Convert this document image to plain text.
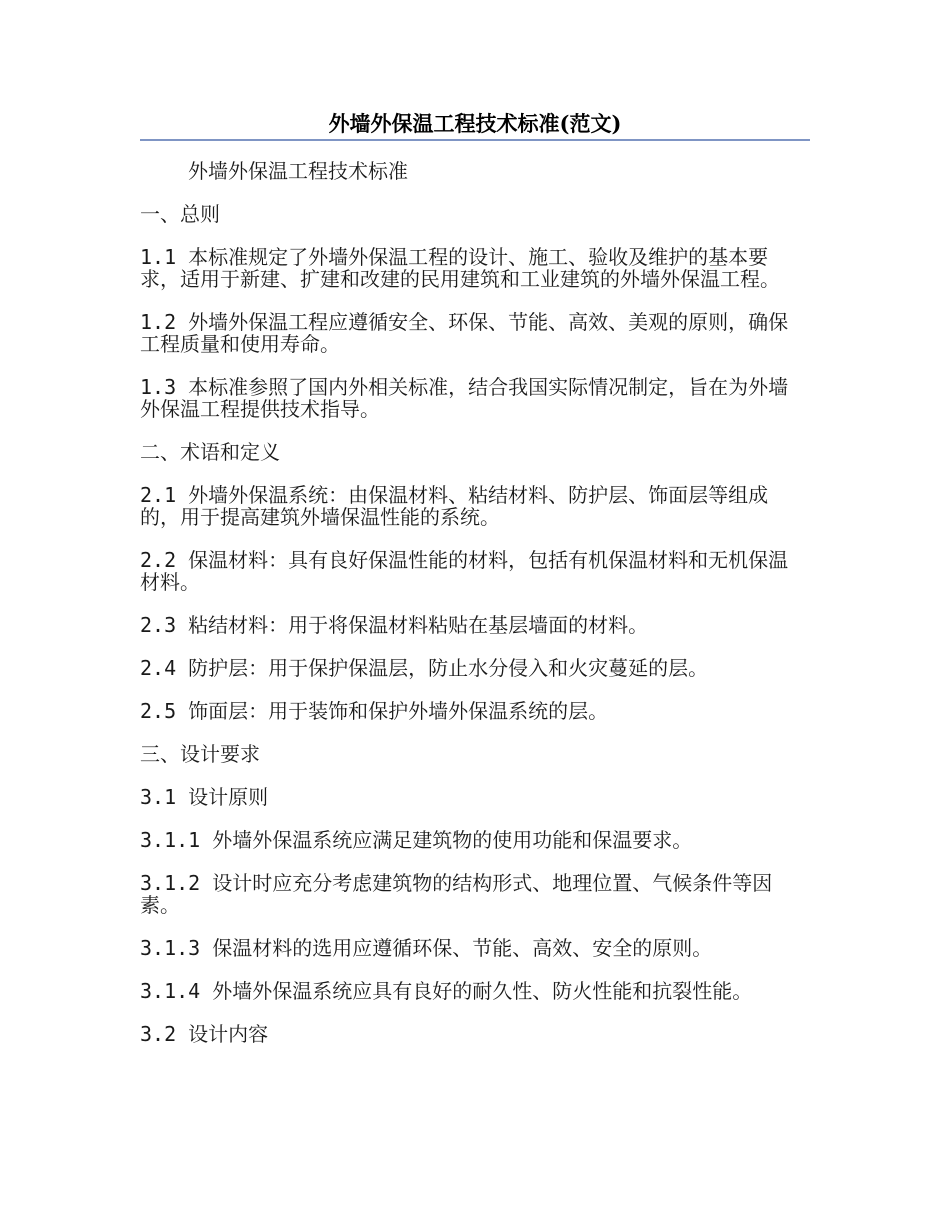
外墙外保温工程技术标准(范文)

外墙外保温工程技术标准

一、总则

1.1 本标准规定了外墙外保温工程的设计、施工、验收及维护的基本要求，适用于新建、扩建和改建的民用建筑和工业建筑的外墙外保温工程。

1.2 外墙外保温工程应遵循安全、环保、节能、高效、美观的原则，确保工程质量和使用寿命。

1.3 本标准参照了国内外相关标准，结合我国实际情况制定，旨在为外墙外保温工程提供技术指导。

二、术语和定义

2.1 外墙外保温系统：由保温材料、粘结材料、防护层、饰面层等组成的，用于提高建筑外墙保温性能的系统。

2.2 保温材料：具有良好保温性能的材料，包括有机保温材料和无机保温材料。

2.3 粘结材料：用于将保温材料粘贴在基层墙面的材料。

2.4 防护层：用于保护保温层，防止水分侵入和火灾蔓延的层。

2.5 饰面层：用于装饰和保护外墙外保温系统的层。

三、设计要求

3.1 设计原则

3.1.1 外墙外保温系统应满足建筑物的使用功能和保温要求。

3.1.2 设计时应充分考虑建筑物的结构形式、地理位置、气候条件等因素。

3.1.3 保温材料的选用应遵循环保、节能、高效、安全的原则。

3.1.4 外墙外保温系统应具有良好的耐久性、防火性能和抗裂性能。

3.2 设计内容
